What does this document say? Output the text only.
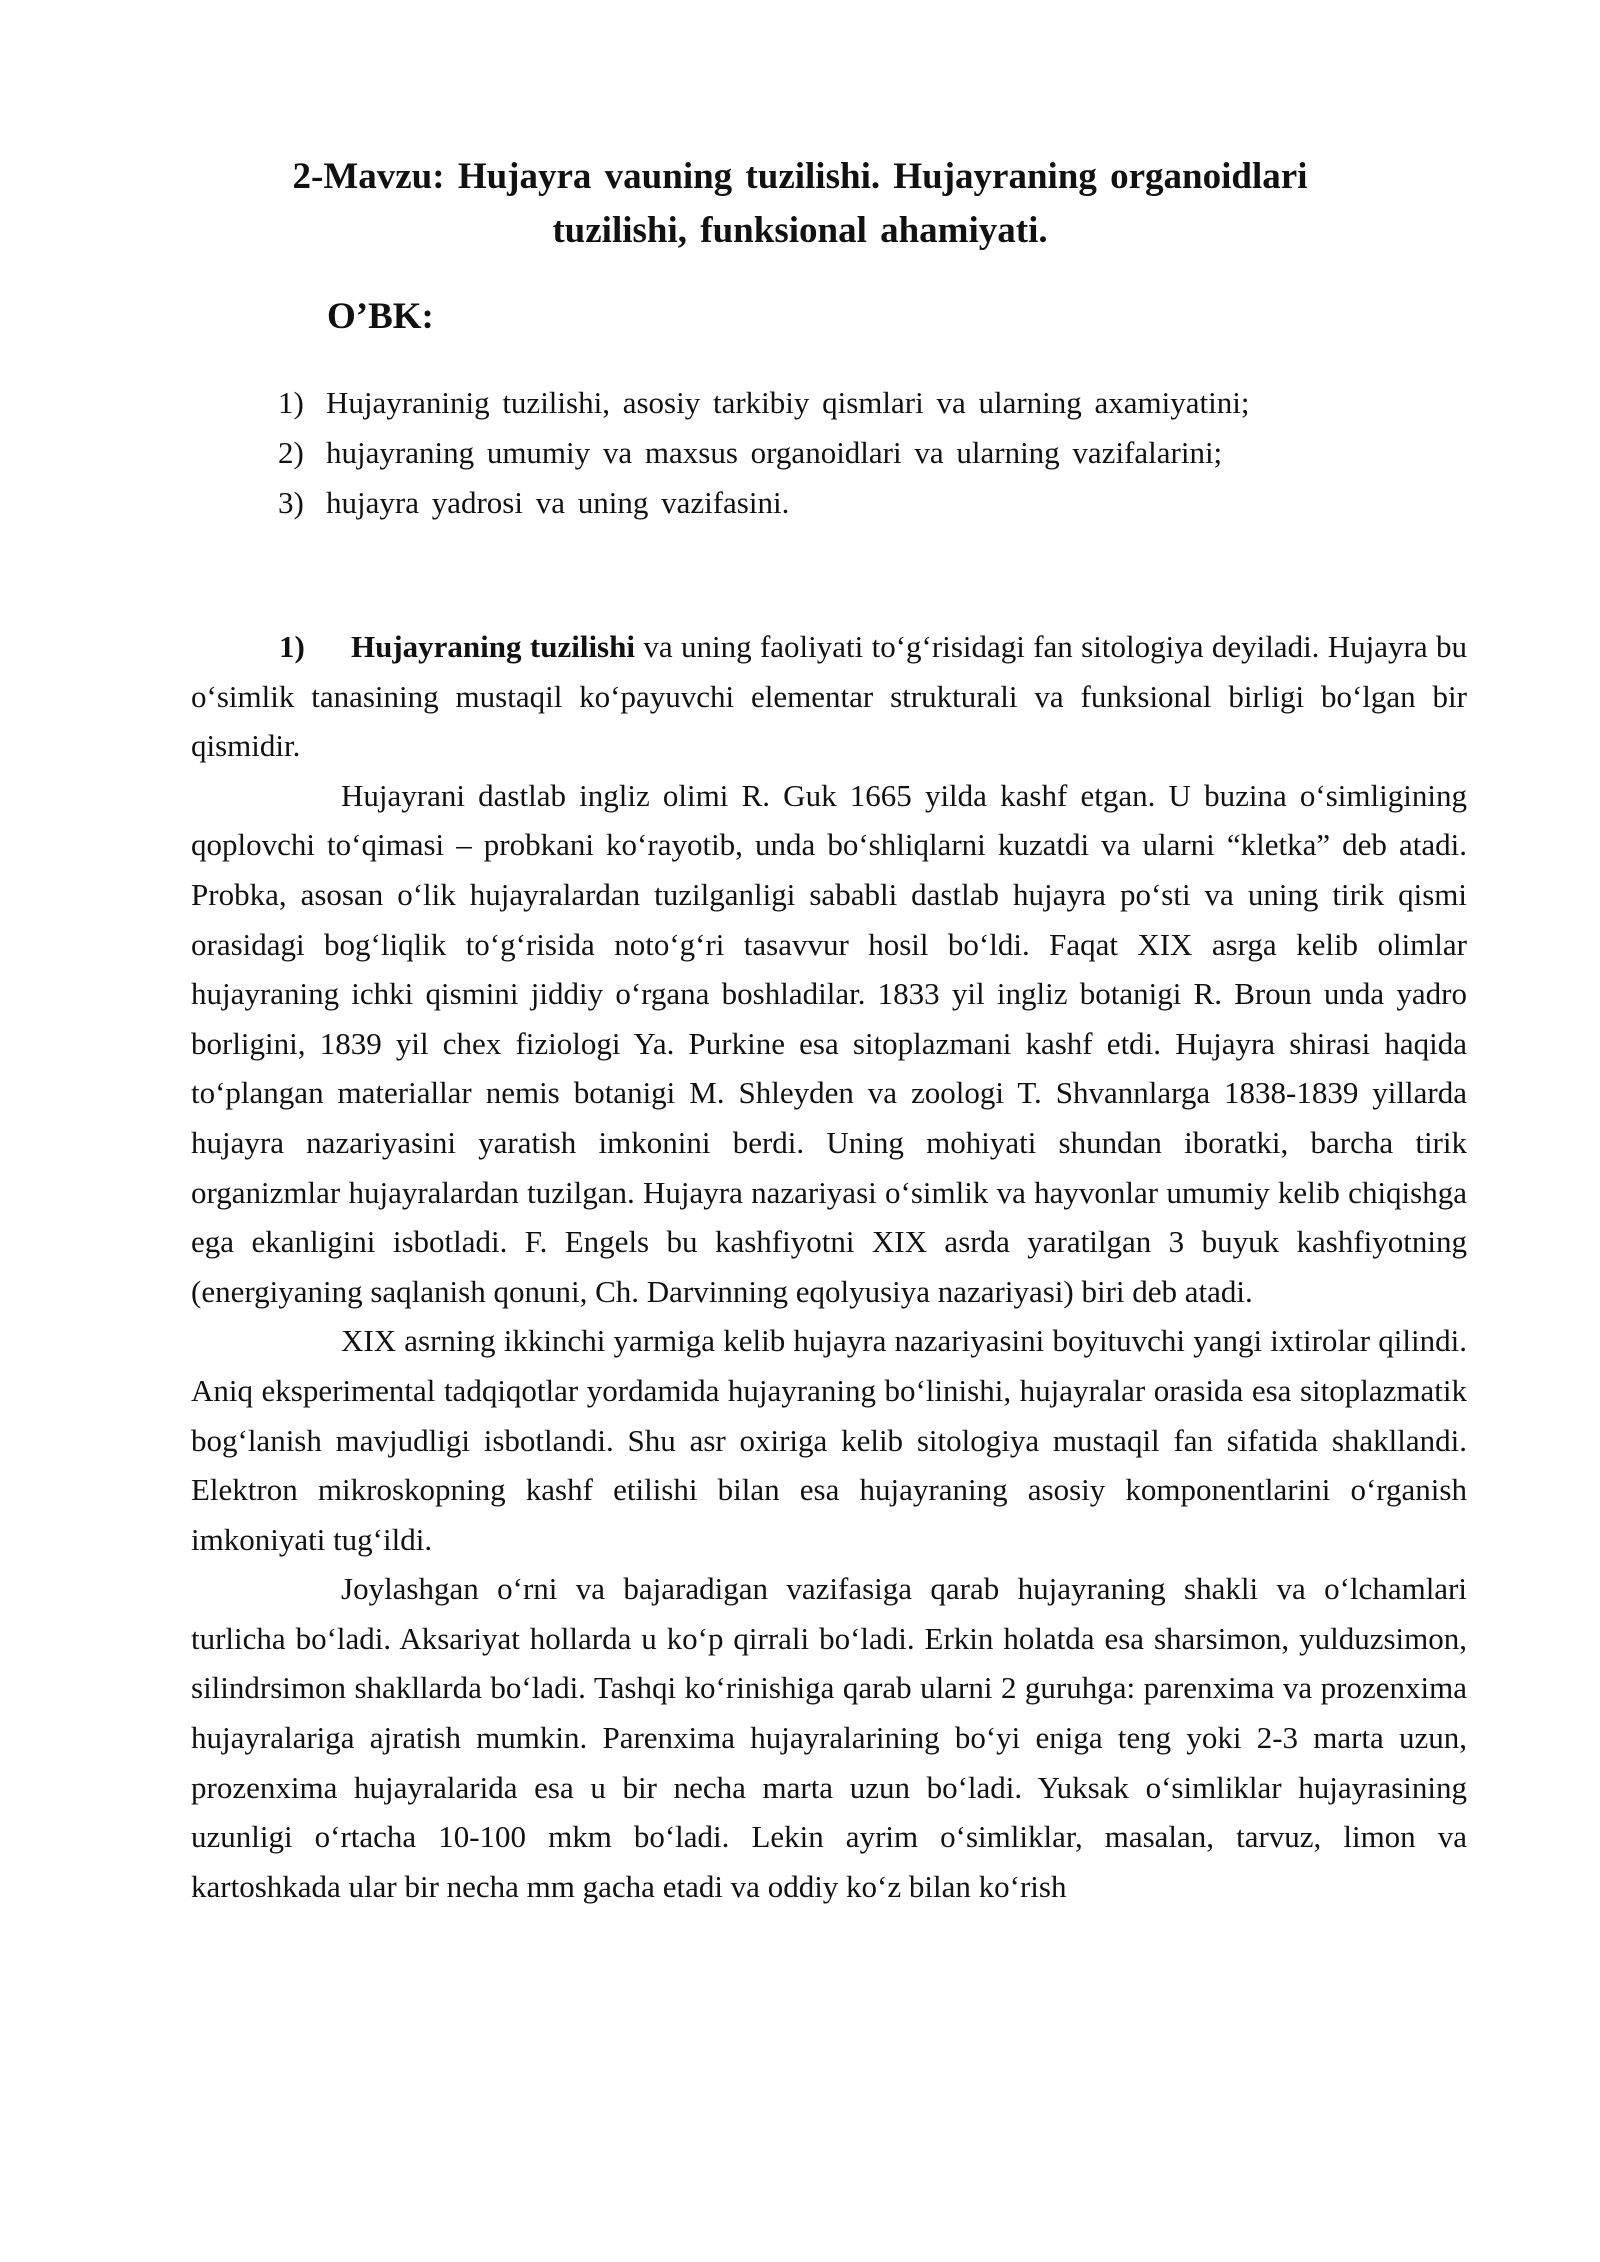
2-Mavzu: Hujayra vauning tuzilishi. Hujayraning organoidlari
tuzilishi, funksional ahamiyati.
O’BK:
1) Hujayraninig tuzilishi, asosiy tarkibiy qismlari va ularning axamiyatini;
2) hujayraning umumiy va maxsus organoidlari va ularning vazifalarini;
3) hujayra yadrosi va uning vazifasini.

1) Hujayraning tuzilishi va uning faoliyati to‘g‘risidagi fan sitologiya deyiladi. Hujayra bu o‘simlik tanasining mustaqil ko‘payuvchi elementar strukturali va funksional birligi bo‘lgan bir qismidir.

Hujayrani dastlab ingliz olimi R. Guk 1665 yilda kashf etgan. U buzina o‘simligining qoplovchi to‘qimasi – probkani ko‘rayotib, unda bo‘shliqlarni kuzatdi va ularni “kletka” deb atadi. Probka, asosan o‘lik hujayralardan tuzilganligi sababli dastlab hujayra po‘sti va uning tirik qismi orasidagi bog‘liqlik to‘g‘risida noto‘g‘ri tasavvur hosil bo‘ldi. Faqat XIX asrga kelib olimlar hujayraning ichki qismini jiddiy o‘rgana boshladilar. 1833 yil ingliz botanigi R. Broun unda yadro borligini, 1839 yil chex fiziologi Ya. Purkine esa sitoplazmani kashf etdi. Hujayra shirasi haqida to‘plangan materiallar nemis botanigi M. Shleyden va zoologi T. Shvannlarga 1838-1839 yillarda hujayra nazariyasini yaratish imkonini berdi. Uning mohiyati shundan iboratki, barcha tirik organizmlar hujayralardan tuzilgan. Hujayra nazariyasi o‘simlik va hayvonlar umumiy kelib chiqishga ega ekanligini isbotladi. F. Engels bu kashfiyotni XIX asrda yaratilgan 3 buyuk kashfiyotning (energiyaning saqlanish qonuni, Ch. Darvinning eqolyusiya nazariyasi) biri deb atadi.

XIX asrning ikkinchi yarmiga kelib hujayra nazariyasini boyituvchi yangi ixtirolar qilindi. Aniq eksperimental tadqiqotlar yordamida hujayraning bo‘linishi, hujayralar orasida esa sitoplazmatik bog‘lanish mavjudligi isbotlandi. Shu asr oxiriga kelib sitologiya mustaqil fan sifatida shakllandi. Elektron mikroskopning kashf etilishi bilan esa hujayraning asosiy komponentlarini o‘rganish imkoniyati tug‘ildi.

Joylashgan o‘rni va bajaradigan vazifasiga qarab hujayraning shakli va o‘lchamlari turlicha bo‘ladi. Aksariyat hollarda u ko‘p qirrali bo‘ladi. Erkin holatda esa sharsimon, yulduzsimon, silindrsimon shakllarda bo‘ladi. Tashqi ko‘rinishiga qarab ularni 2 guruhga: parenxima va prozenxima hujayralariga ajratish mumkin. Parenxima hujayralarining bo‘yi eniga teng yoki 2-3 marta uzun, prozenxima hujayralarida esa u bir necha marta uzun bo‘ladi. Yuksak o‘simliklar hujayrasining uzunligi o‘rtacha 10-100 mkm bo‘ladi. Lekin ayrim o‘simliklar, masalan, tarvuz, limon va kartoshkada ular bir necha mm gacha etadi va oddiy ko‘z bilan ko‘rish
